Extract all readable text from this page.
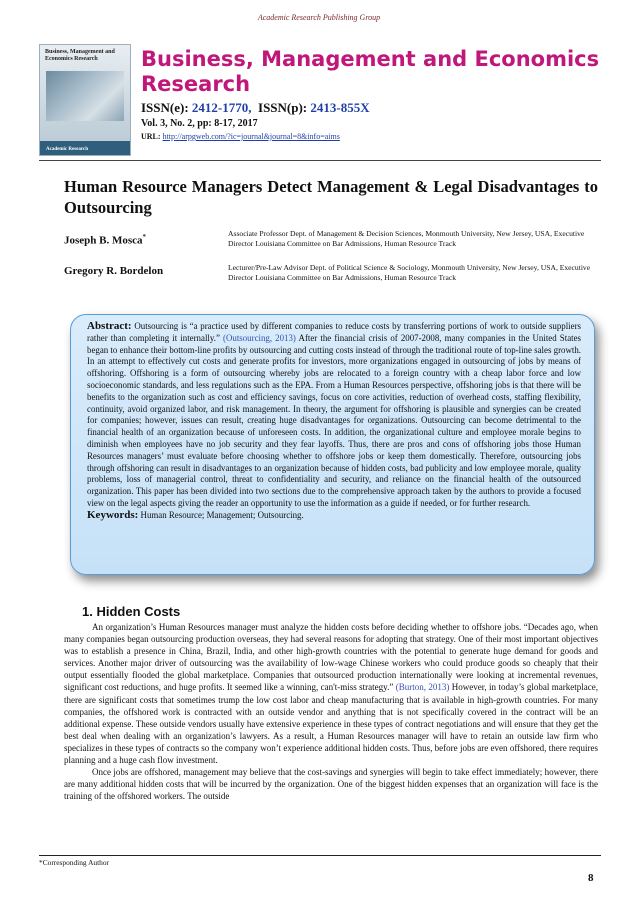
Academic Research Publishing Group
Business, Management and Economics Research
Academic Research
Business, Management and Economics Research
ISSN(e): 2412-1770, ISSN(p): 2413-855X
Vol. 3, No. 2, pp: 8-17, 2017
URL: http://arpgweb.com/?ic=journal&journal=8&info=aims
Human Resource Managers Detect Management & Legal Disadvantages to Outsourcing
Joseph B. Mosca*	Associate Professor Dept. of Management & Decision Sciences, Monmouth University, New Jersey, USA, Executive Director Louisiana Committee on Bar Admissions, Human Resource Track
Gregory R. Bordelon	Lecturer/Pre-Law Advisor Dept. of Political Science & Sociology, Monmouth University, New Jersey, USA, Executive Director Louisiana Committee on Bar Admissions, Human Resource Track
Abstract: Outsourcing is “a practice used by different companies to reduce costs by transferring portions of work to outside suppliers rather than completing it internally.” (Outsourcing, 2013) After the financial crisis of 2007-2008, many companies in the United States began to enhance their bottom-line profits by outsourcing and cutting costs instead of through the traditional route of top-line sales growth. In an attempt to effectively cut costs and generate profits for investors, more organizations engaged in outsourcing of jobs by means of offshoring. Offshoring is a form of outsourcing whereby jobs are relocated to a foreign country with a cheap labor force and low socioeconomic standards, and less regulations such as the EPA. From a Human Resources perspective, offshoring jobs is that there will be benefits to the organization such as cost and efficiency savings, focus on core activities, reduction of overhead costs, staffing flexibility, continuity, avoid organized labor, and risk management. In theory, the argument for offshoring is plausible and synergies can be created for companies; however, issues can result, creating huge disadvantages for organizations. Outsourcing can become detrimental to the financial health of an organization because of unforeseen costs. In addition, the organizational culture and employee morale begins to diminish when employees have no job security and they fear layoffs. Thus, there are pros and cons of offshoring jobs those Human Resources managers’ must evaluate before choosing whether to offshore jobs or keep them domestically. Therefore, outsourcing jobs through offshoring can result in disadvantages to an organization because of hidden costs, bad publicity and low employee morale, quality problems, loss of managerial control, threat to confidentiality and security, and reliance on the financial health of the outsourced organization. This paper has been divided into two sections due to the comprehensive approach taken by the authors to provide a focused view on the legal aspects giving the reader an opportunity to use the information as a guide if needed, or for further research.
Keywords: Human Resource; Management; Outsourcing.
1. Hidden Costs

An organization’s Human Resources manager must analyze the hidden costs before deciding whether to offshore jobs. “Decades ago, when many companies began outsourcing production overseas, they had several reasons for adopting that strategy. One of their most important objectives was to establish a presence in China, Brazil, India, and other high-growth countries with the potential to generate huge demand for goods and services. Another major driver of outsourcing was the availability of low-wage Chinese workers who could produce goods so cheaply that their output essentially flooded the global marketplace. Companies that outsourced production internationally were looking at incremental revenues, significant cost reductions, and huge profits. It seemed like a winning, can't-miss strategy.” (Burton, 2013) However, in today’s global marketplace, there are significant costs that sometimes trump the low cost labor and cheap manufacturing that is available in high-growth countries. For many companies, the offshored work is contracted with an outside vendor and anything that is not specifically covered in the contract will be an additional expense. These outside vendors usually have extensive experience in these types of contract negotiations and will ensure that they get the best deal when dealing with an organization’s lawyers. As a result, a Human Resources manager will have to retain an outside law firm who specializes in these types of contracts so the company won’t experience additional hidden costs. Thus, before jobs are even offshored, there requires planning and a huge cash flow investment.

Once jobs are offshored, management may believe that the cost-savings and synergies will begin to take effect immediately; however, there are many additional hidden costs that will be incurred by the organization. One of the biggest hidden expenses that an organization will face is the training of the offshored workers. The outside

*Corresponding Author
8
